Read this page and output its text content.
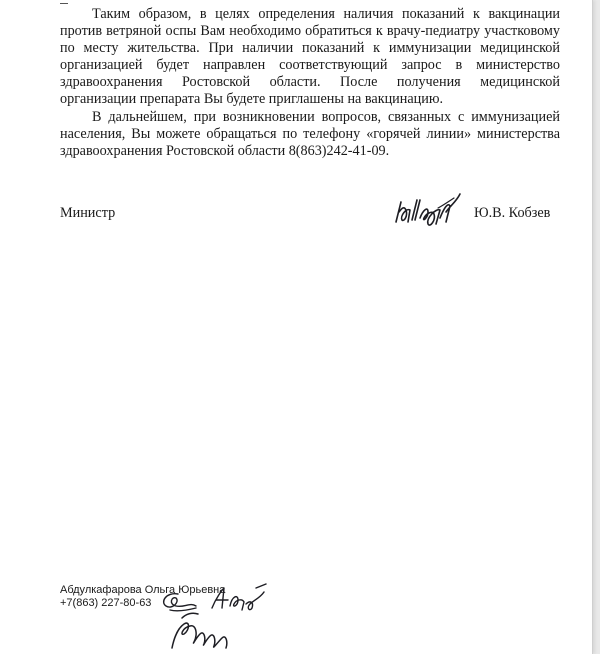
Таким образом, в целях определения наличия показаний к вакцинации против ветряной оспы Вам необходимо обратиться к врачу-педиатру участковому по месту жительства. При наличии показаний к иммунизации медицинской организацией будет направлен соответствующий запрос в министерство здравоохранения Ростовской области. После получения медицинской организации препарата Вы будете приглашены на вакцинацию.

В дальнейшем, при возникновении вопросов, связанных с иммунизацией населения, Вы можете обращаться по телефону «горячей линии» министерства здравоохранения Ростовской области 8(863)242-41-09.

Министр	Ю.В. Кобзев
Абдулкафарова Ольга Юрьевна
+7(863) 227-80-63
